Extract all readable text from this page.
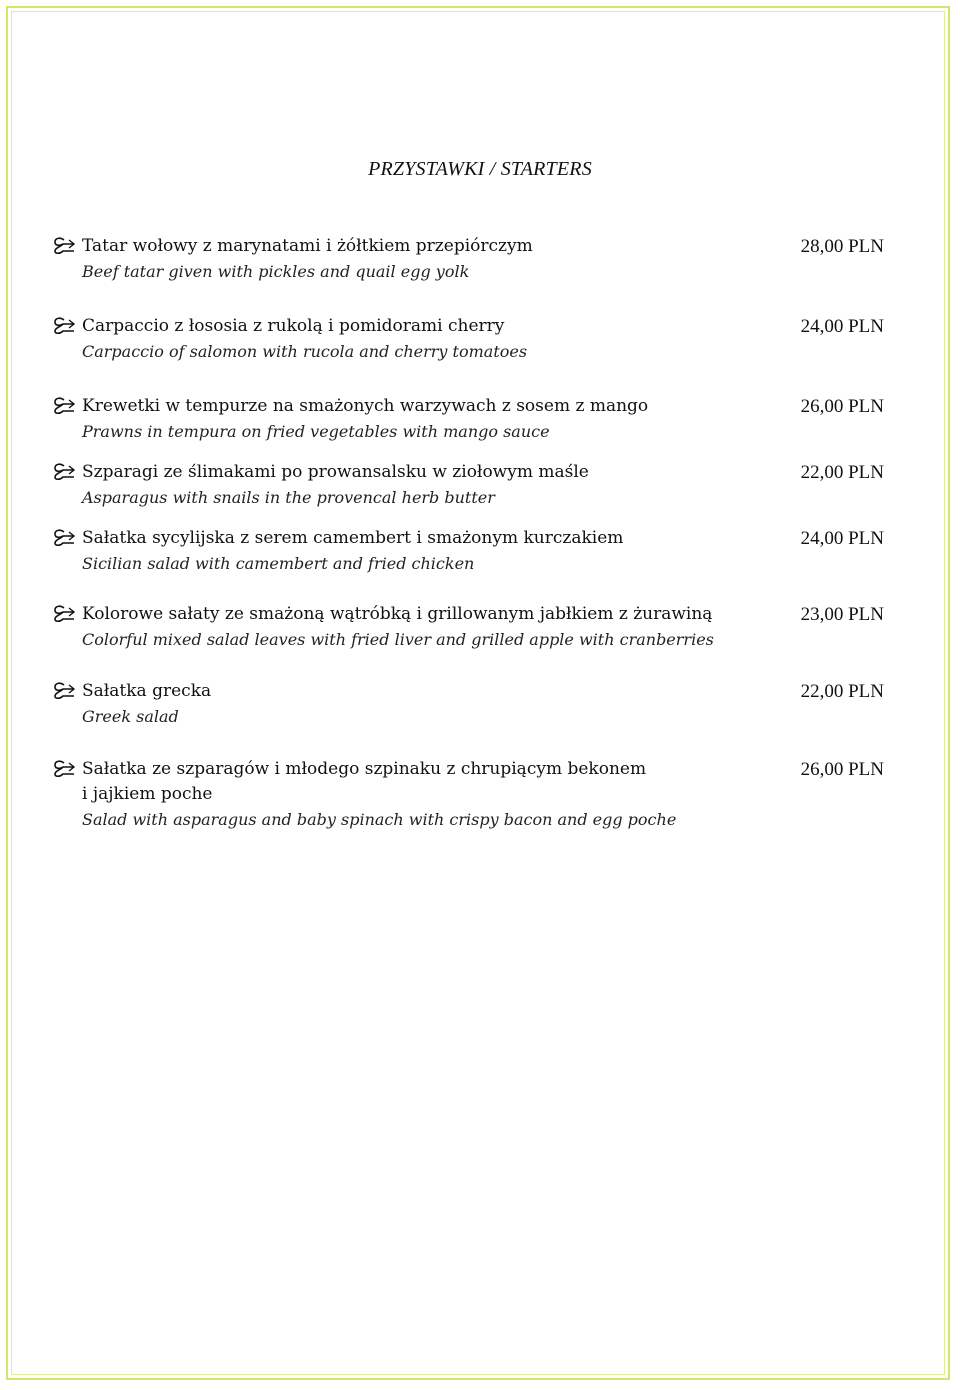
PRZYSTAWKI / STARTERS
Tatar wołowy z marynatami i żółtkiem przepiórczym
Beef tatar given with pickles and quail egg yolk
28,00 PLN
Carpaccio z łososia z rukolą i pomidorami cherry
Carpaccio of salomon with rucola and cherry tomatoes
24,00 PLN
Krewetki w tempurze na smażonych warzywach z sosem z mango
Prawns in tempura on fried vegetables with mango sauce
26,00 PLN
Szparagi ze ślimakami po prowansalsku w ziołowym maśle
Asparagus with snails in the provencal herb butter
22,00 PLN
Sałatka sycylijska z serem camembert i smażonym kurczakiem
Sicilian salad with camembert and fried chicken
24,00 PLN
Kolorowe sałaty ze smażoną wątróbką i grillowanym jabłkiem z żurawiną
Colorful mixed salad leaves with fried liver and grilled apple with cranberries
23,00 PLN
Sałatka grecka
Greek salad
22,00 PLN
Sałatka ze szparagów i młodego szpinaku z chrupiącym bekonem
i jajkiem poche
Salad with asparagus and baby spinach with crispy bacon and egg poche
26,00 PLN
